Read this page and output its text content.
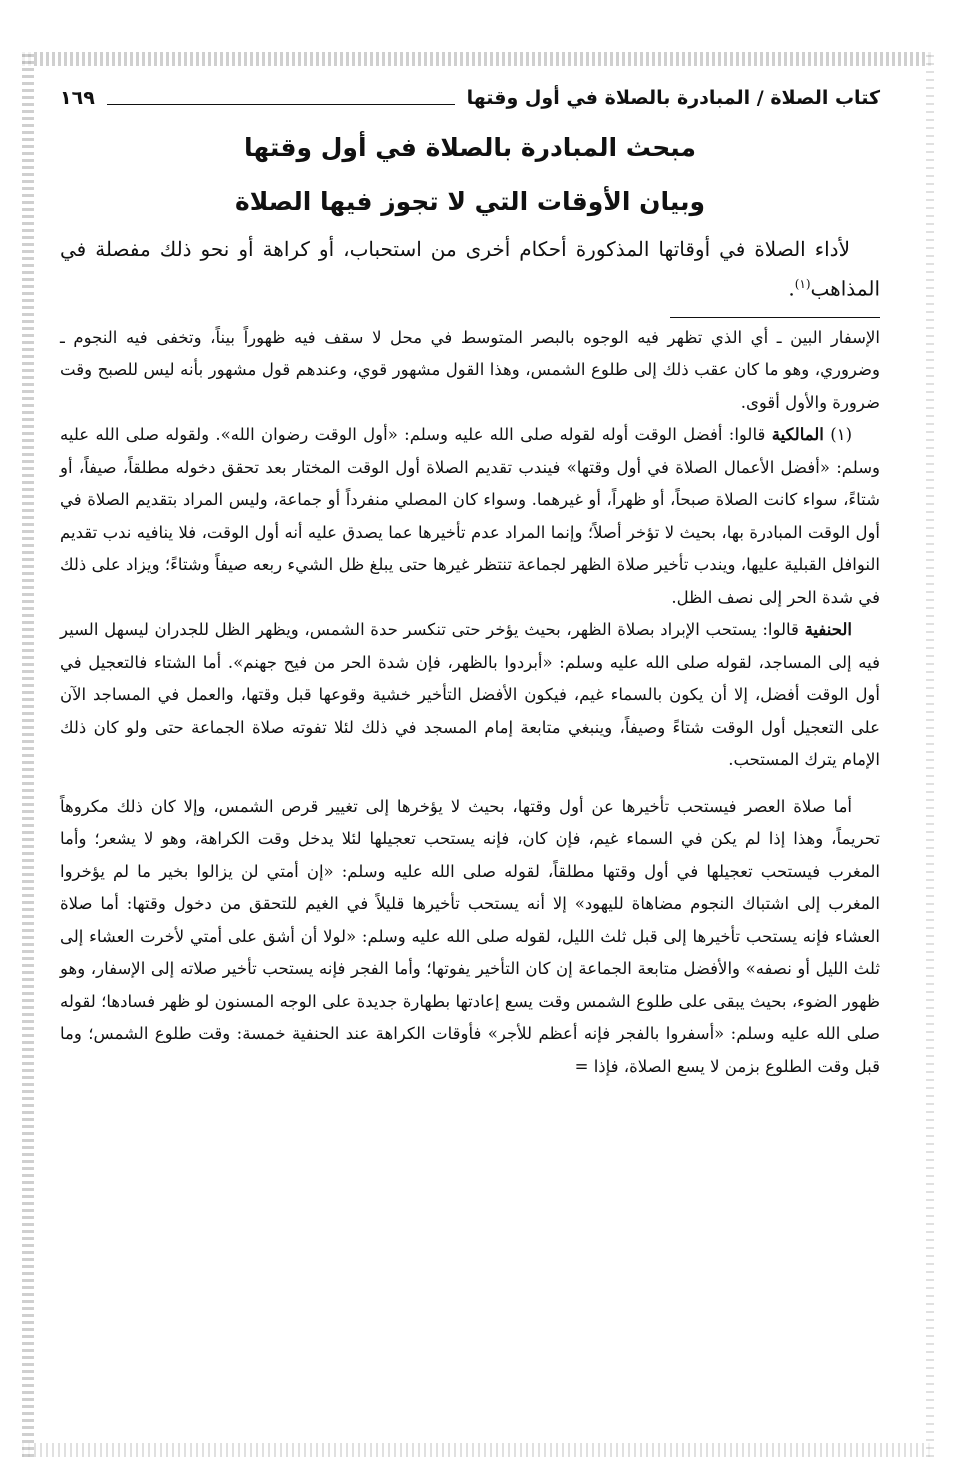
كتاب الصلاة / المبادرة بالصلاة في أول وقتها
١٦٩
مبحث المبادرة بالصلاة في أول وقتها
وبيان الأوقات التي لا تجوز فيها الصلاة

لأداء الصلاة في أوقاتها المذكورة أحكام أخرى من استحباب، أو كراهة أو نحو ذلك مفصلة في المذاهب$^{(١)}$.

الإسفار البين ـ أي الذي تظهر فيه الوجوه بالبصر المتوسط في محل لا سقف فيه ظهوراً بيناً، وتخفى فيه النجوم ـ وضروري، وهو ما كان عقب ذلك إلى طلوع الشمس، وهذا القول مشهور قوي، وعندهم قول مشهور بأنه ليس للصبح وقت ضرورة والأول أقوى.

(١) المالكية قالوا: أفضل الوقت أوله لقوله صلى الله عليه وسلم: «أول الوقت رضوان الله». ولقوله صلى الله عليه وسلم: «أفضل الأعمال الصلاة في أول وقتها» فيندب تقديم الصلاة أول الوقت المختار بعد تحقق دخوله مطلقاً، صيفاً، أو شتاءً، سواء كانت الصلاة صبحاً، أو ظهراً، أو غيرهما. وسواء كان المصلي منفرداً أو جماعة، وليس المراد بتقديم الصلاة في أول الوقت المبادرة بها، بحيث لا تؤخر أصلاً؛ وإنما المراد عدم تأخيرها عما يصدق عليه أنه أول الوقت، فلا ينافيه ندب تقديم النوافل القبلية عليها، ويندب تأخير صلاة الظهر لجماعة تنتظر غيرها حتى يبلغ ظل الشيء ربعه صيفاً وشتاءً؛ ويزاد على ذلك في شدة الحر إلى نصف الظل.

الحنفية قالوا: يستحب الإبراد بصلاة الظهر، بحيث يؤخر حتى تنكسر حدة الشمس، ويظهر الظل للجدران ليسهل السير فيه إلى المساجد، لقوله صلى الله عليه وسلم: «أبردوا بالظهر، فإن شدة الحر من فيح جهنم». أما الشتاء فالتعجيل في أول الوقت أفضل، إلا أن يكون بالسماء غيم، فيكون الأفضل التأخير خشية وقوعها قبل وقتها، والعمل في المساجد الآن على التعجيل أول الوقت شتاءً وصيفاً، وينبغي متابعة إمام المسجد في ذلك لئلا تفوته صلاة الجماعة حتى ولو كان ذلك الإمام يترك المستحب.

أما صلاة العصر فيستحب تأخيرها عن أول وقتها، بحيث لا يؤخرها إلى تغيير قرص الشمس، وإلا كان ذلك مكروهاً تحريماً، وهذا إذا لم يكن في السماء غيم، فإن كان، فإنه يستحب تعجيلها لئلا يدخل وقت الكراهة، وهو لا يشعر؛ وأما المغرب فيستحب تعجيلها في أول وقتها مطلقاً، لقوله صلى الله عليه وسلم: «إن أمتي لن يزالوا بخير ما لم يؤخروا المغرب إلى اشتباك النجوم مضاهاة لليهود» إلا أنه يستحب تأخيرها قليلاً في الغيم للتحقق من دخول وقتها: أما صلاة العشاء فإنه يستحب تأخيرها إلى قبل ثلث الليل، لقوله صلى الله عليه وسلم: «لولا أن أشق على أمتي لأخرت العشاء إلى ثلث الليل أو نصفه» والأفضل متابعة الجماعة إن كان التأخير يفوتها؛ وأما الفجر فإنه يستحب تأخير صلاته إلى الإسفار، وهو ظهور الضوء، بحيث يبقى على طلوع الشمس وقت يسع إعادتها بطهارة جديدة على الوجه المسنون لو ظهر فسادها؛ لقوله صلى الله عليه وسلم: «أسفروا بالفجر فإنه أعظم للأجر» فأوقات الكراهة عند الحنفية خمسة: وقت طلوع الشمس؛ وما قبل وقت الطلوع بزمن لا يسع الصلاة، فإذا =
